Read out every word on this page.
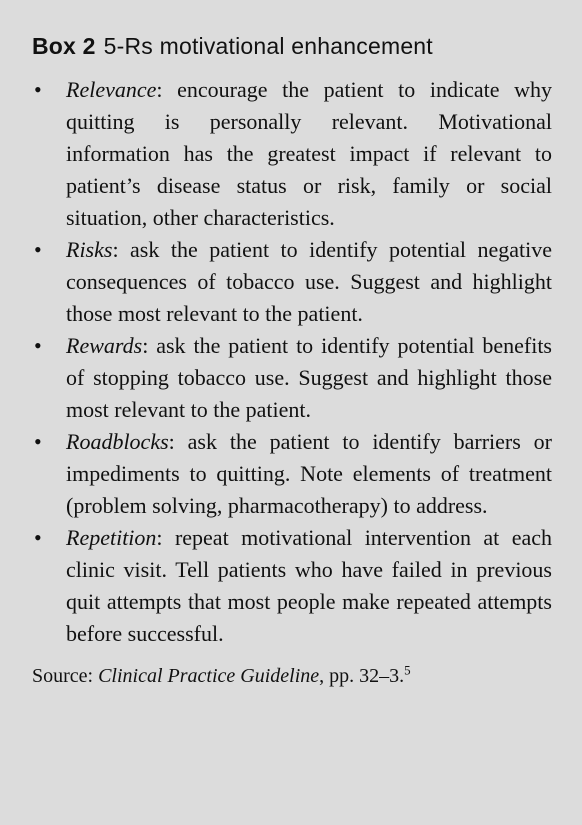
Box 2 5-Rs motivational enhancement
• Relevance: encourage the patient to indicate why quitting is personally relevant. Motivational information has the greatest impact if relevant to patient’s disease status or risk, family or social situation, other characteristics.
• Risks: ask the patient to identify potential negative consequences of tobacco use. Suggest and highlight those most relevant to the patient.
• Rewards: ask the patient to identify potential benefits of stopping tobacco use. Suggest and highlight those most relevant to the patient.
• Roadblocks: ask the patient to identify barriers or impediments to quitting. Note elements of treatment (problem solving, pharmacotherapy) to address.
• Repetition: repeat motivational intervention at each clinic visit. Tell patients who have failed in previous quit attempts that most people make repeated attempts before successful.
Source: Clinical Practice Guideline, pp. 32–3.$^5$
